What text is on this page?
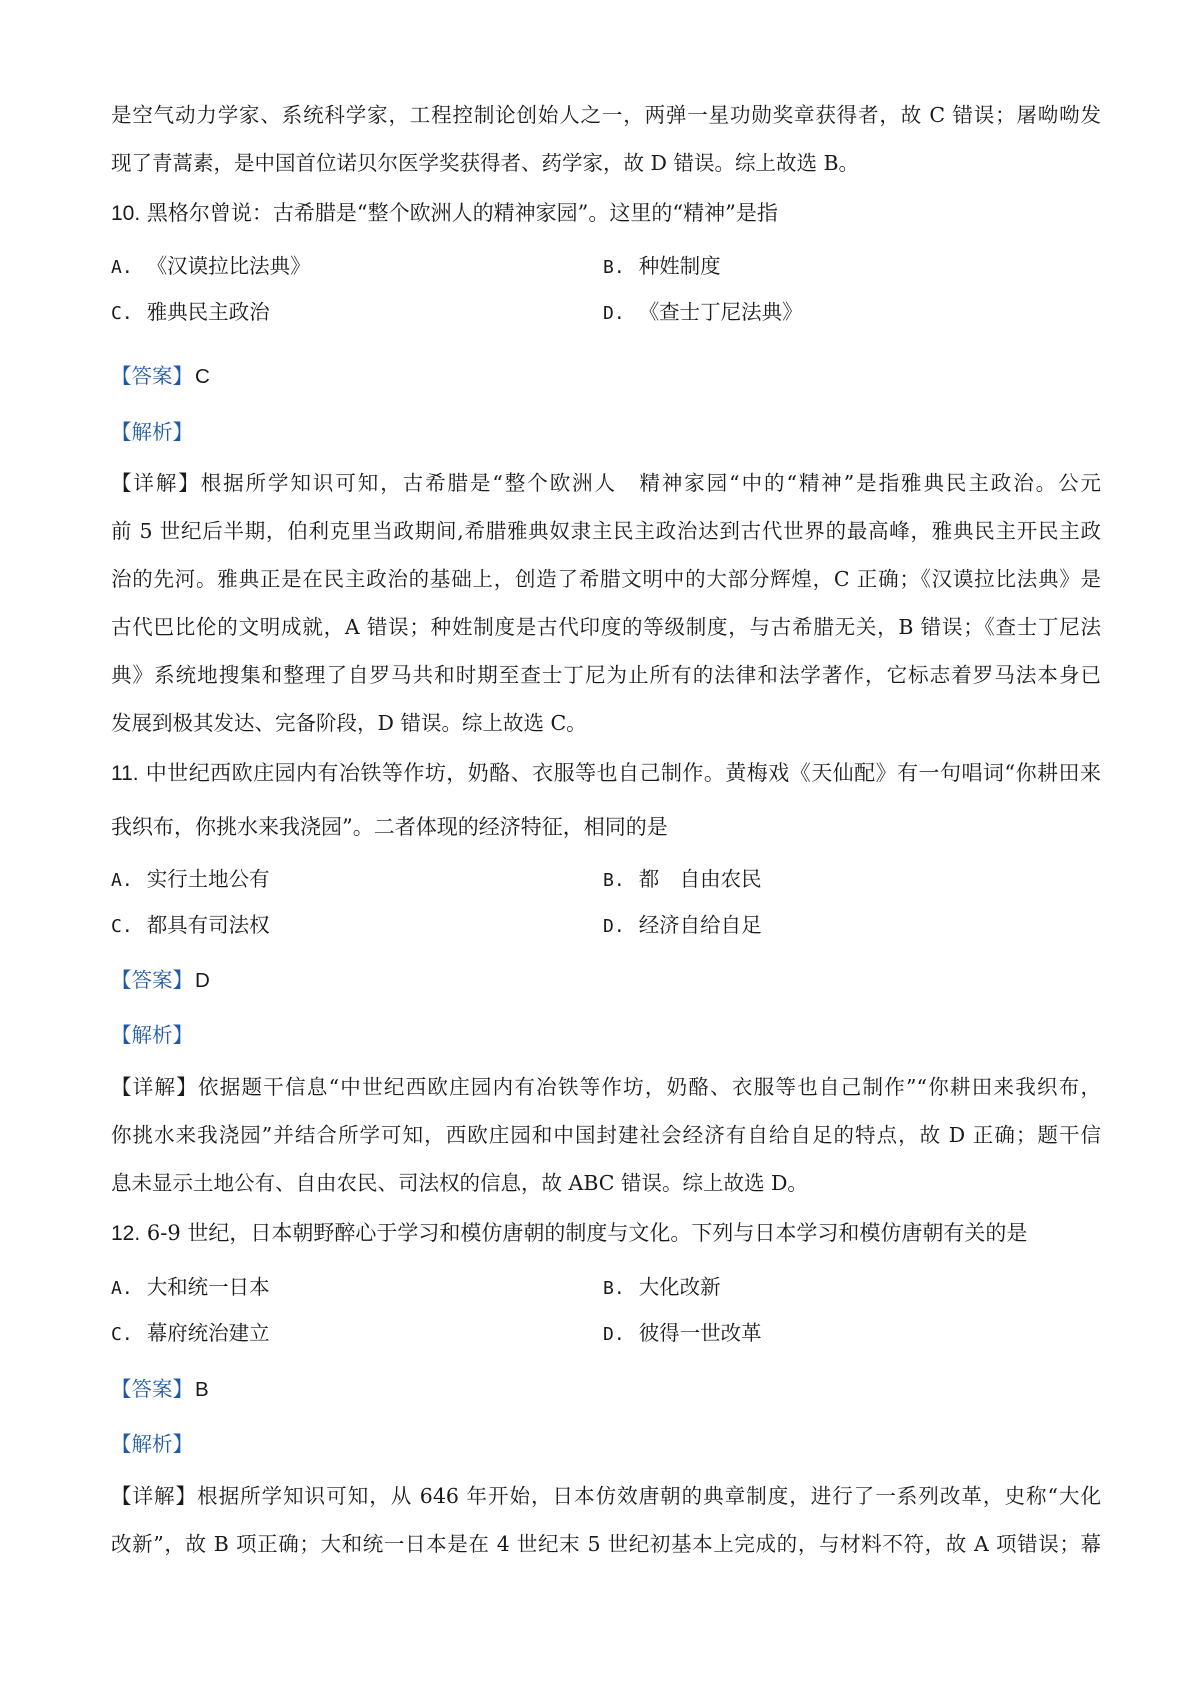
是空气动力学家、系统科学家，工程控制论创始人之一，两弹一星功勋奖章获得者，故 C 错误；屠呦呦发
现了青蒿素，是中国首位诺贝尔医学奖获得者、药学家，故 D 错误。综上故选 B。
10. 黑格尔曾说：古希腊是“整个欧洲人的精神家园”。这里的“精神”是指
A. 《汉谟拉比法典》	B. 种姓制度
C. 雅典民主政治	D. 《查士丁尼法典》
【答案】C
【解析】
【详解】根据所学知识可知，古希腊是“整个欧洲人　精神家园“中的“精神”是指雅典民主政治。公元
前 5 世纪后半期，伯利克里当政期间,希腊雅典奴隶主民主政治达到古代世界的最高峰，雅典民主开民主政
治的先河。雅典正是在民主政治的基础上，创造了希腊文明中的大部分辉煌，C 正确；《汉谟拉比法典》是
古代巴比伦的文明成就，A 错误；种姓制度是古代印度的等级制度，与古希腊无关，B 错误；《查士丁尼法
典》系统地搜集和整理了自罗马共和时期至查士丁尼为止所有的法律和法学著作，它标志着罗马法本身已
发展到极其发达、完备阶段，D 错误。综上故选 C。
11. 中世纪西欧庄园内有冶铁等作坊，奶酪、衣服等也自己制作。黄梅戏《天仙配》有一句唱词“你耕田来
我织布，你挑水来我浇园”。二者体现的经济特征，相同的是
A. 实行土地公有	B. 都　自由农民
C. 都具有司法权	D. 经济自给自足
【答案】D
【解析】
【详解】依据题干信息“中世纪西欧庄园内有冶铁等作坊，奶酪、衣服等也自己制作”“你耕田来我织布，
你挑水来我浇园”并结合所学可知，西欧庄园和中国封建社会经济有自给自足的特点，故 D 正确；题干信
息未显示土地公有、自由农民、司法权的信息，故 ABC 错误。综上故选 D。
12. 6-9 世纪，日本朝野醉心于学习和模仿唐朝的制度与文化。下列与日本学习和模仿唐朝有关的是
A. 大和统一日本	B. 大化改新
C. 幕府统治建立	D. 彼得一世改革
【答案】B
【解析】
【详解】根据所学知识可知，从 646 年开始，日本仿效唐朝的典章制度，进行了一系列改革，史称“大化
改新”，故 B 项正确；大和统一日本是在 4 世纪末 5 世纪初基本上完成的，与材料不符，故 A 项错误；幕
